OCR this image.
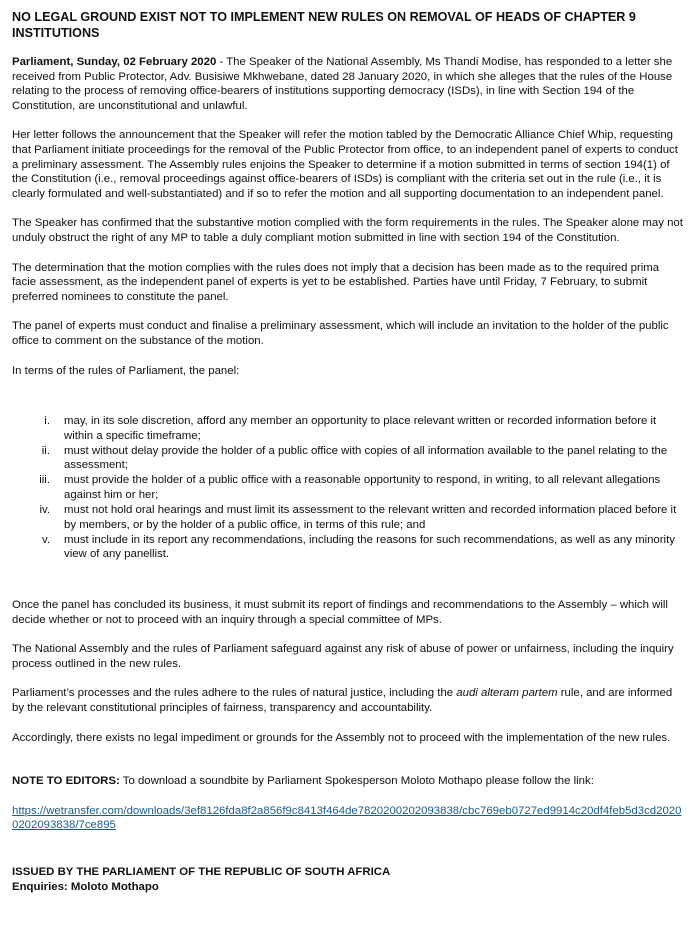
NO LEGAL GROUND EXIST NOT TO IMPLEMENT NEW RULES ON REMOVAL OF HEADS OF CHAPTER 9 INSTITUTIONS

Parliament, Sunday, 02 February 2020 - The Speaker of the National Assembly, Ms Thandi Modise, has responded to a letter she received from Public Protector, Adv. Busisiwe Mkhwebane, dated 28 January 2020, in which she alleges that the rules of the House relating to the process of removing office-bearers of institutions supporting democracy (ISDs), in line with Section 194 of the Constitution, are unconstitutional and unlawful.

Her letter follows the announcement that the Speaker will refer the motion tabled by the Democratic Alliance Chief Whip, requesting that Parliament initiate proceedings for the removal of the Public Protector from office, to an independent panel of experts to conduct a preliminary assessment. The Assembly rules enjoins the Speaker to determine if a motion submitted in terms of section 194(1) of the Constitution (i.e., removal proceedings against office-bearers of ISDs) is compliant with the criteria set out in the rule (i.e., it is clearly formulated and well-substantiated) and if so to refer the motion and all supporting documentation to an independent panel.

The Speaker has confirmed that the substantive motion complied with the form requirements in the rules. The Speaker alone may not unduly obstruct the right of any MP to table a duly compliant motion submitted in line with section 194 of the Constitution.

The determination that the motion complies with the rules does not imply that a decision has been made as to the required prima facie assessment, as the independent panel of experts is yet to be established. Parties have until Friday, 7 February, to submit preferred nominees to constitute the panel.

The panel of experts must conduct and finalise a preliminary assessment, which will include an invitation to the holder of the public office to comment on the substance of the motion.

In terms of the rules of Parliament, the panel:

i. may, in its sole discretion, afford any member an opportunity to place relevant written or recorded information before it within a specific timeframe;
ii. must without delay provide the holder of a public office with copies of all information available to the panel relating to the assessment;
iii. must provide the holder of a public office with a reasonable opportunity to respond, in writing, to all relevant allegations against him or her;
iv. must not hold oral hearings and must limit its assessment to the relevant written and recorded information placed before it by members, or by the holder of a public office, in terms of this rule; and
v. must include in its report any recommendations, including the reasons for such recommendations, as well as any minority view of any panellist.

Once the panel has concluded its business, it must submit its report of findings and recommendations to the Assembly – which will decide whether or not to proceed with an inquiry through a special committee of MPs.

The National Assembly and the rules of Parliament safeguard against any risk of abuse of power or unfairness, including the inquiry process outlined in the new rules.

Parliament’s processes and the rules adhere to the rules of natural justice, including the audi alteram partem rule, and are informed by the relevant constitutional principles of fairness, transparency and accountability.

Accordingly, there exists no legal impediment or grounds for the Assembly not to proceed with the implementation of the new rules.

NOTE TO EDITORS: To download a soundbite by Parliament Spokesperson Moloto Mothapo please follow the link:

https://wetransfer.com/downloads/3ef8126fda8f2a856f9c8413f464de7820200202093838/cbc769eb0727ed9914c20df4feb5d3cd20200202093838/7ce895

ISSUED BY THE PARLIAMENT OF THE REPUBLIC OF SOUTH AFRICA
Enquiries: Moloto Mothapo
